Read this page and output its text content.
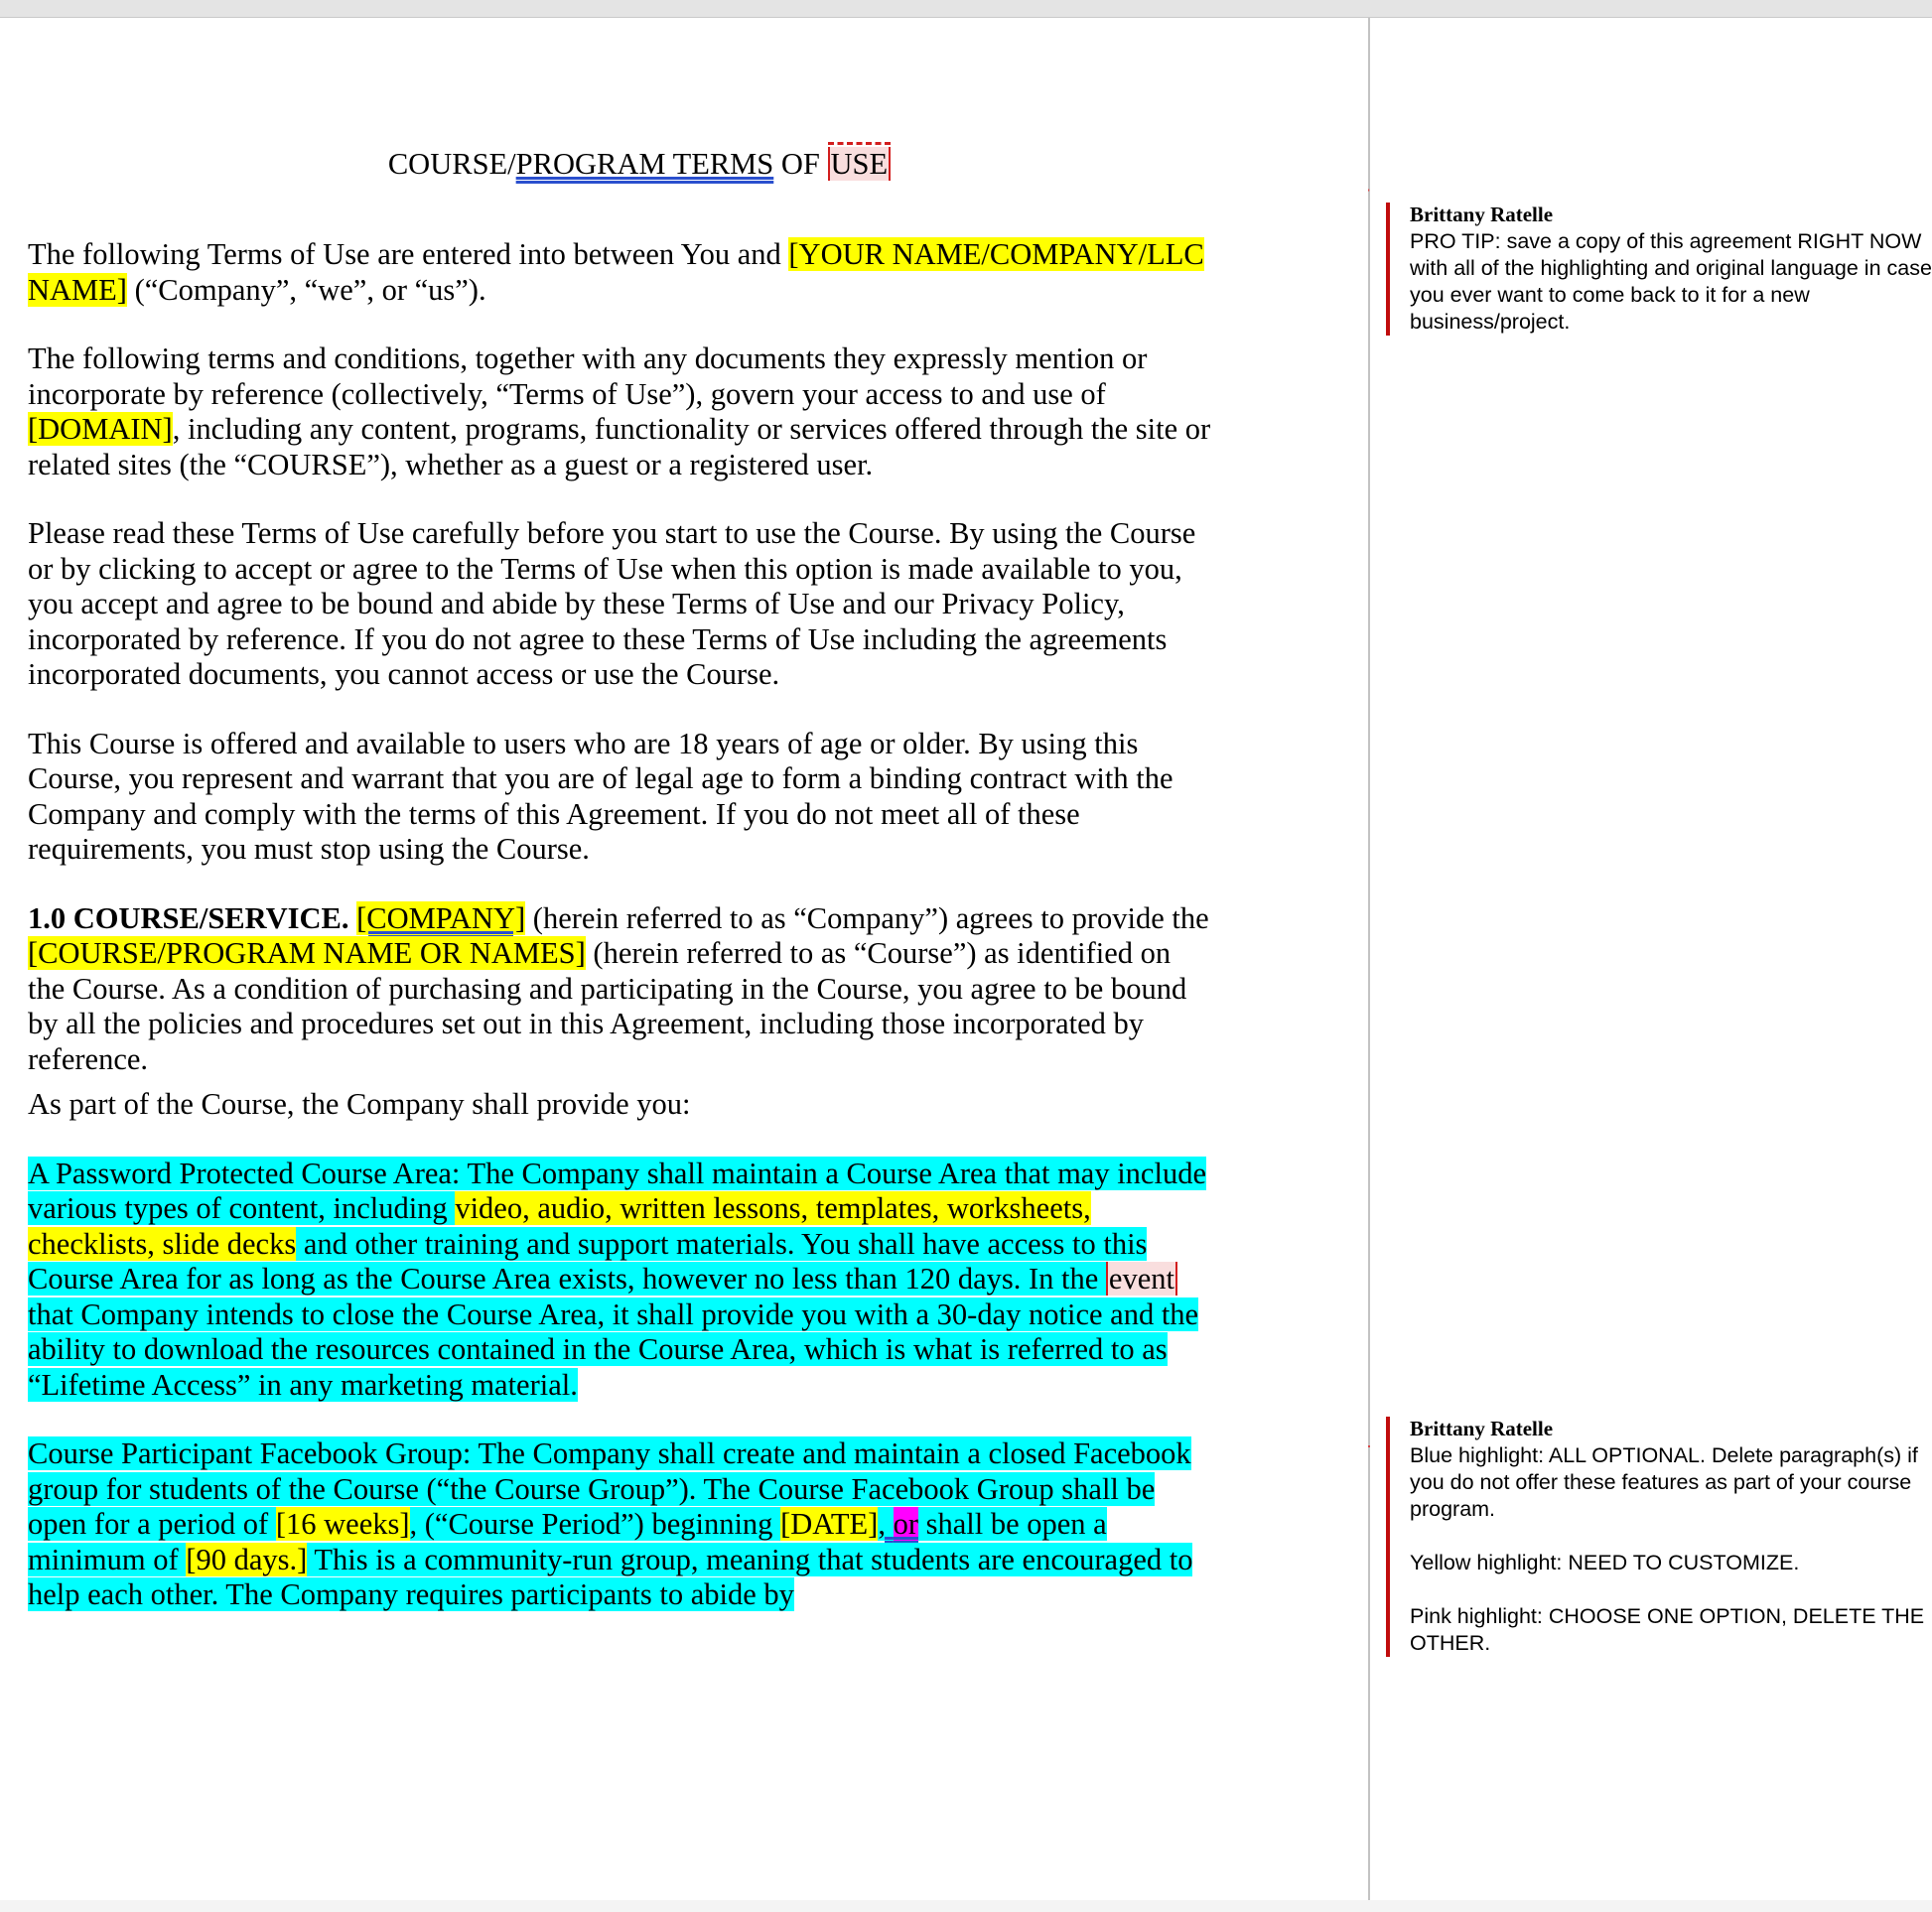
COURSE/PROGRAM TERMS OF
USE

The following Terms of Use are entered into between You and [YOUR NAME/COMPANY/LLC NAME] (“Company”, “we”, or “us”).

The following terms and conditions, together with any documents they expressly mention or incorporate by reference (collectively, “Terms of Use”), govern your access to and use of [DOMAIN], including any content, programs, functionality or services offered through the site or related sites (the “COURSE”), whether as a guest or a registered user.

Please read these Terms of Use carefully before you start to use the Course. By using the Course or by clicking to accept or agree to the Terms of Use when this option is made available to you, you accept and agree to be bound and abide by these Terms of Use and our Privacy Policy, incorporated by reference. If you do not agree to these Terms of Use including the agreements incorporated documents, you cannot access or use the Course.

This Course is offered and available to users who are 18 years of age or older. By using this Course, you represent and warrant that you are of legal age to form a binding contract with the Company and comply with the terms of this Agreement. If you do not meet all of these requirements, you must stop using the Course.

1.0 COURSE/SERVICE. [COMPANY] (herein referred to as “Company”) agrees to provide the [COURSE/PROGRAM NAME OR NAMES] (herein referred to as “Course”) as identified on the Course. As a condition of purchasing and participating in the Course, you agree to be bound by all the policies and procedures set out in this Agreement, including those incorporated by reference.

As part of the Course, the Company shall provide you:

A Password Protected Course Area: The Company shall maintain a Course Area that may include various types of content, including video, audio, written lessons, templates, worksheets, checklists, slide decks and other training and support materials. You shall have access to this Course Area for as long as the Course Area exists, however no less than 120 days. In the event that Company intends to close the Course Area, it shall provide you with a 30-day notice and the ability to download the resources contained in the Course Area, which is what is referred to as “Lifetime Access” in any marketing material.

Course Participant Facebook Group: The Company shall create and maintain a closed Facebook group for students of the Course (“the Course Group”). The Course Facebook Group shall be open for a period of [16 weeks], (“Course Period”) beginning [DATE], or shall be open a minimum of [90 days.] This is a community-run group, meaning that students are encouraged to help each other. The Company requires participants to abide by

Brittany Ratelle

PRO TIP: save a copy of this agreement RIGHT NOW with all of the highlighting and original language in case you ever want to come back to it for a new business/project.

Brittany Ratelle

Blue highlight: ALL OPTIONAL. Delete paragraph(s) if you do not offer these features as part of your course program.

Yellow highlight: NEED TO CUSTOMIZE.

Pink highlight: CHOOSE ONE OPTION, DELETE THE OTHER.
